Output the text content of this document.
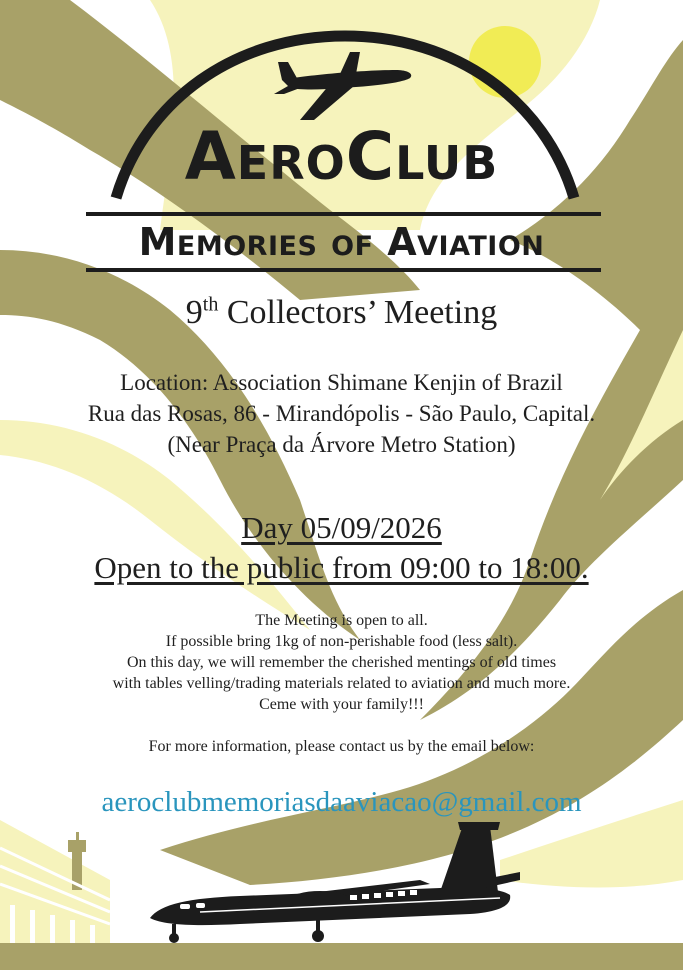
AeroClub
Memories of Aviation
9th Collectors’ Meeting
Location: Association Shimane Kenjin of Brazil
Rua das Rosas, 86 - Mirandópolis - São Paulo, Capital.
(Near Praça da Árvore Metro Station)
Day 05/09/2026
Open to the public from 09:00 to 18:00.
The Meeting is open to all.
If possible bring 1kg of non-perishable food (less salt).
On this day, we will remember the cherished mentings of old times
with tables velling/trading materials related to aviation and much more.
Ceme with your family!!!
For more information, please contact us by the email below:
aeroclubmemoriasdaaviacao@gmail.com
